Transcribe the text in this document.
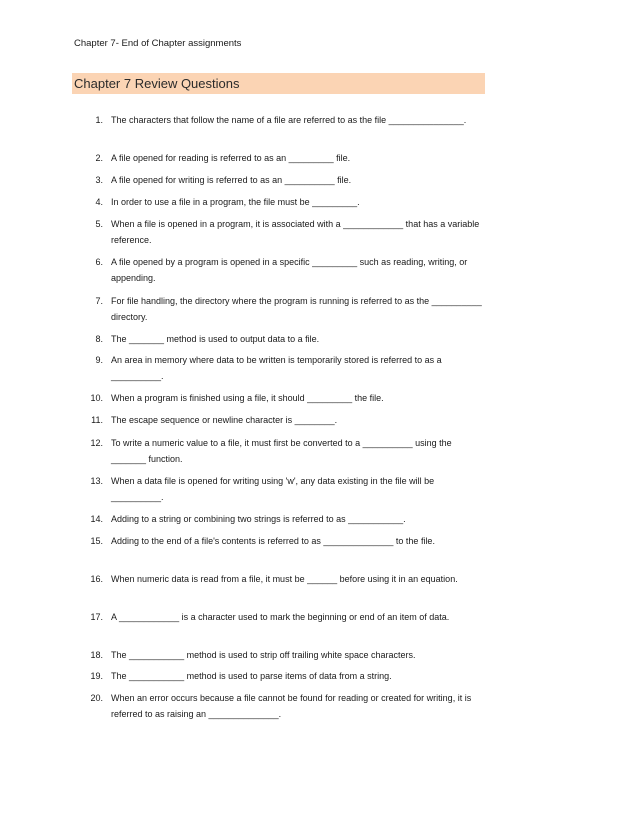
Chapter 7- End of Chapter assignments
Chapter 7 Review Questions
1. The characters that follow the name of a file are referred to as the file _______________.
2. A file opened for reading is referred to as an _________ file.
3. A file opened for writing is referred to as an __________ file.
4. In order to use a file in a program, the file must be _________.
5. When a file is opened in a program, it is associated with a ____________ that has a variable reference.
6. A file opened by a program is opened in a specific _________ such as reading, writing, or appending.
7. For file handling, the directory where the program is running is referred to as the __________ directory.
8. The _______ method is used to output data to a file.
9. An area in memory where data to be written is temporarily stored is referred to as a __________.
10. When a program is finished using a file, it should _________ the file.
11. The escape sequence or newline character is ________.
12. To write a numeric value to a file, it must first be converted to a __________ using the _______ function.
13. When a data file is opened for writing using 'w', any data existing in the file will be __________.
14. Adding to a string or combining two strings is referred to as ___________.
15. Adding to the end of a file's contents is referred to as ______________ to the file.
16. When numeric data is read from a file, it must be ______ before using it in an equation.
17. A ____________ is a character used to mark the beginning or end of an item of data.
18. The ___________ method is used to strip off trailing white space characters.
19. The ___________ method is used to parse items of data from a string.
20. When an error occurs because a file cannot be found for reading or created for writing, it is referred to as raising an ______________.
